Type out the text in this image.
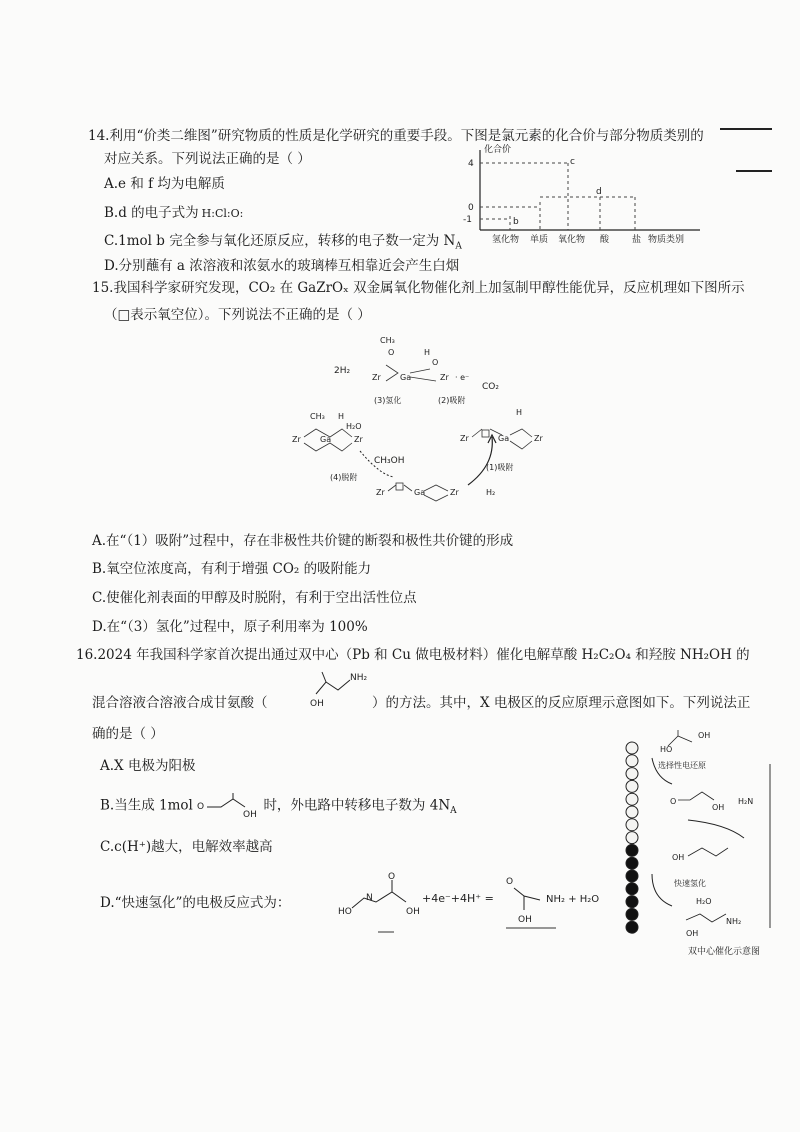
14.利用“价类二维图”研究物质的性质是化学研究的重要手段。下图是氯元素的化合价与部分物质类别的
对应关系。下列说法正确的是（ ）
A.e 和 f 均为电解质
B.d 的电子式为 H:Cl:O:
C.1mol b 完全参与氧化还原反应，转移的电子数一定为 $N_A$
D.分别蘸有 a 浓溶液和浓氨水的玻璃棒互相靠近会产生白烟
化合价
4
0
-1	b
c
d
氢化物 单质 氧化物 酸	盐 物质类别
15.我国科学家研究发现，CO₂ 在 GaZrOₓ 双金属氧化物催化剂上加氢制甲醇性能优异，反应机理如下图所示
（□表示氧空位）。下列说法不正确的是（ ）
2H₂
CH₃
O	H
O
Zr Ga	Zr · e⁻
CO₂
(3)氢化	(2)吸附
CH₃ H
H₂O
Zr Ga	Zr
H
Zr	Ga	Zr
CH₃OH
(4)脱附
(1)吸附
Zr	Ga	Zr	H₂
A.在“（1）吸附”过程中，存在非极性共价键的断裂和极性共价键的形成
B.氧空位浓度高，有利于增强 CO₂ 的吸附能力
C.使催化剂表面的甲醇及时脱附，有利于空出活性位点
D.在“（3）氢化”过程中，原子利用率为 100%
16.2024 年我国科学家首次提出通过双中心（Pb 和 Cu 做电极材料）催化电解草酸 H₂C₂O₄ 和羟胺 NH₂OH 的
OH
NH₂
混合溶液合溶液合成甘氨酸（	）的方法。其中，X 电极区的反应原理示意图如下。下列说法正
确的是（ ）
A.X 电极为阳极
B.当生成 1mol O
OH
时，外电路中转移电子数为 $4N_A$
C.c(H⁺)越大，电解效率越高
D.“快速氢化”的电极反应式为：
HO
N
O
OH
+4e⁻+4H⁺ =
O
OH
NH₂ + H₂O
OH
HO
选择性电还原
O
OH
H₂N
OH
快速氢化
H₂O
NH₂
OH
双中心催化示意图
